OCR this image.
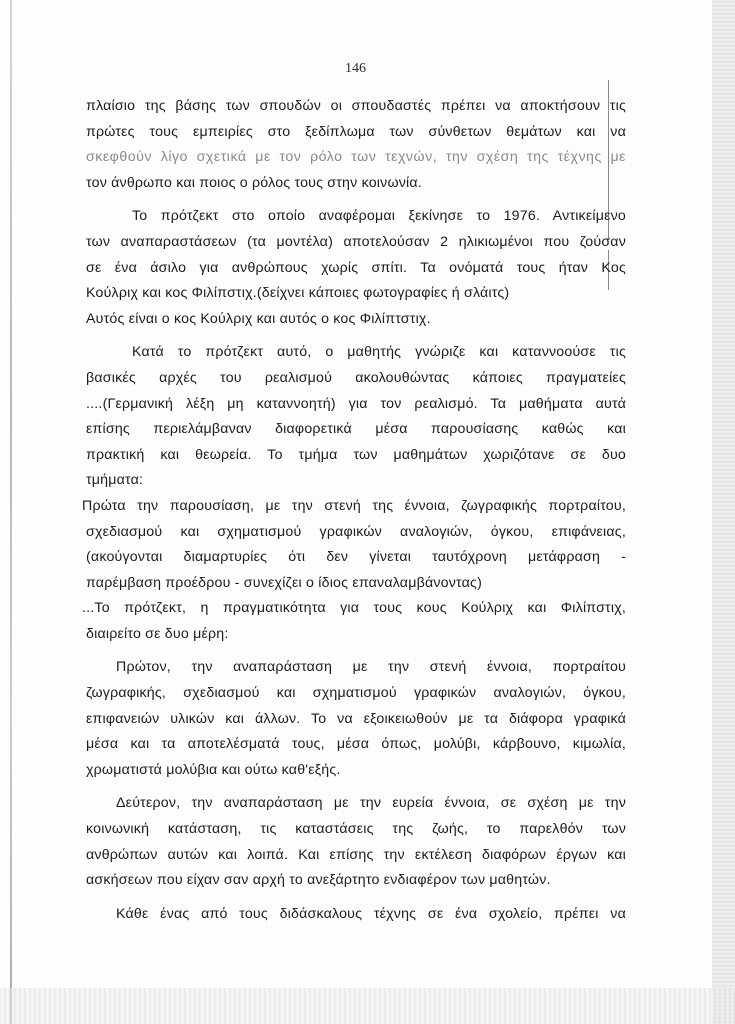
146
πλαίσιο της βάσης των σπουδών οι σπουδαστές πρέπει να αποκτήσουν τις
πρώτες τους εμπειρίες στο ξεδίπλωμα των σύνθετων θεμάτων και να
σκεφθούν λίγο σχετικά με τον ρόλο των τεχνών, την σχέση της τέχνης με
τον άνθρωπο και ποιος ο ρόλος τους στην κοινωνία.
Το πρότζεκτ στο οποίο αναφέρομαι ξεκίνησε το 1976. Αντικείμενο
των αναπαραστάσεων (τα μοντέλα) αποτελούσαν 2 ηλικιωμένοι που ζούσαν
σε ένα άσιλο για ανθρώπους χωρίς σπίτι. Τα ονόματά τους ήταν Κος
Κούλριχ και κος Φιλίπστιχ.(δείχνει κάποιες φωτογραφίες ή σλάιτς)
Αυτός είναι ο κος Κούλριχ και αυτός ο κος Φιλίπτστιχ.
Κατά το πρότζεκτ αυτό, ο μαθητής γνώριζε και καταννοούσε τις
βασικές αρχές του ρεαλισμού ακολουθώντας κάποιες πραγματείες
....(Γερμανική λέξη μη καταννοητή) για τον ρεαλισμό. Τα μαθήματα αυτά
επίσης περιελάμβαναν διαφορετικά μέσα παρουσίασης καθώς και
πρακτική και θεωρεία. Το τμήμα των μαθημάτων χωριζότανε σε δυο
τμήματα:
Πρώτα την παρουσίαση, με την στενή της έννοια, ζωγραφικής πορτραίτου,
σχεδιασμού και σχηματισμού γραφικών αναλογιών, όγκου, επιφάνειας,
(ακούγονται διαμαρτυρίες ότι δεν γίνεται ταυτόχρονη μετάφραση -
παρέμβαση προέδρου - συνεχίζει ο ίδιος επαναλαμβάνοντας)
...Το πρότζεκτ, η πραγματικότητα για τους κους Κούλριχ και Φιλίπστιχ,
διαιρείτο σε δυο μέρη:
Πρώτον, την αναπαράσταση με την στενή έννοια, πορτραίτου
ζωγραφικής, σχεδιασμού και σχηματισμού γραφικών αναλογιών, όγκου,
επιφανειών υλικών και άλλων. Το να εξοικειωθούν με τα διάφορα γραφικά
μέσα και τα αποτελέσματά τους, μέσα όπως, μολύβι, κάρβουνο, κιμωλία,
χρωματιστά μολύβια και ούτω καθ'εξής.
Δεύτερον, την αναπαράσταση με την ευρεία έννοια, σε σχέση με την
κοινωνική κατάσταση, τις καταστάσεις της ζωής, το παρελθόν των
ανθρώπων αυτών και λοιπά. Και επίσης την εκτέλεση διαφόρων έργων και
ασκήσεων που είχαν σαν αρχή το ανεξάρτητο ενδιαφέρον των μαθητών.
Κάθε ένας από τους διδάσκαλους τέχνης σε ένα σχολείο, πρέπει να
